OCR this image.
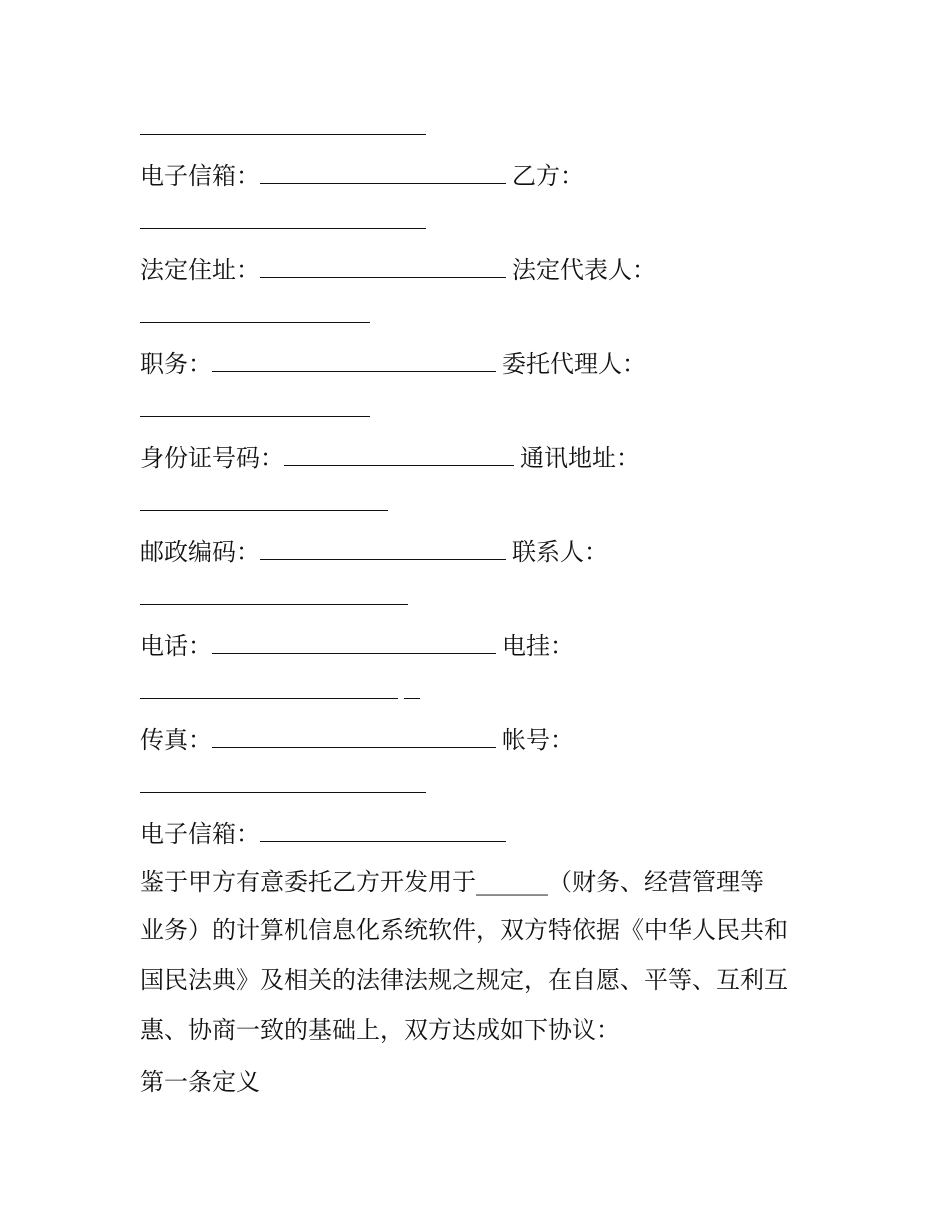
电子信箱：	乙方：
法定住址：	法定代表人：
职务：	委托代理人：
身份证号码：	通讯地址：
邮政编码：	联系人：
电话：	电挂：
传真：	帐号：
电子信箱：
鉴于甲方有意委托乙方开发用于______（财务、经营管理等
业务）的计算机信息化系统软件，双方特依据《中华人民共和
国民法典》及相关的法律法规之规定，在自愿、平等、互利互
惠、协商一致的基础上，双方达成如下协议：
第一条定义
